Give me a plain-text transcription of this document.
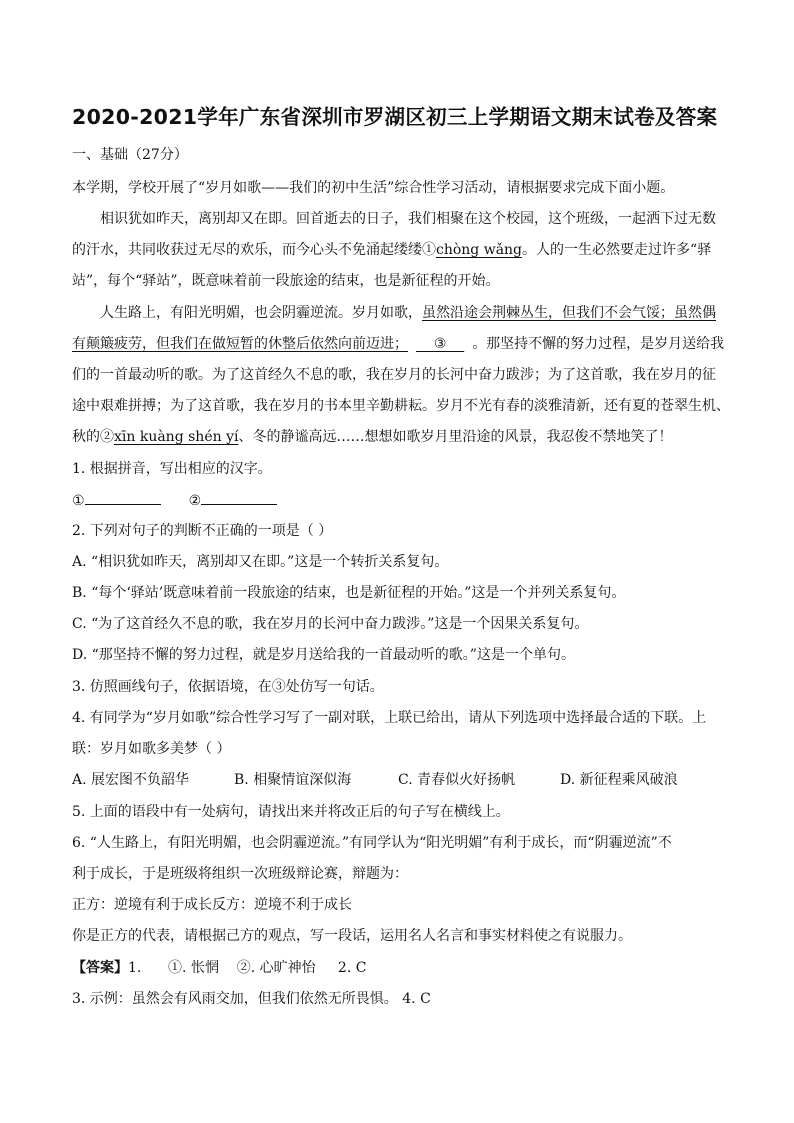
2020-2021学年广东省深圳市罗湖区初三上学期语文期末试卷及答案
一、基础（27分）
本学期，学校开展了“岁月如歌——我们的初中生活”综合性学习活动，请根据要求完成下面小题。
相识犹如昨天，离别却又在即。回首逝去的日子，我们相聚在这个校园，这个班级，一起洒下过无数
的汗水，共同收获过无尽的欢乐，而今心头不免涌起缕缕①chòng wǎng。人的一生必然要走过许多“驿
站”，每个“驿站”，既意味着前一段旅途的结束，也是新征程的开始。
人生路上，有阳光明媚，也会阴霾逆流。岁月如歌，虽然沿途会荆棘丛生，但我们不会气馁；虽然偶
有颠簸疲劳，但我们在做短暂的休整后依然向前迈进； ③ 。那坚持不懈的努力过程，是岁月送给我
们的一首最动听的歌。为了这首经久不息的歌，我在岁月的长河中奋力跋涉；为了这首歌，我在岁月的征
途中艰难拼搏；为了这首歌，我在岁月的书本里辛勤耕耘。岁月不光有春的淡雅清新，还有夏的苍翠生机、
秋的②xīn kuàng shén yí、冬的静谧高远……想想如歌岁月里沿途的风景，我忍俊不禁地笑了！
1. 根据拼音，写出相应的汉字。
①	②
2. 下列对句子的判断不正确的一项是（ ）
A. “相识犹如昨天，离别却又在即。”这是一个转折关系复句。
B. “每个‘驿站’既意味着前一段旅途的结束，也是新征程的开始。”这是一个并列关系复句。
C. “为了这首经久不息的歌，我在岁月的长河中奋力跋涉。”这是一个因果关系复句。
D. “那坚持不懈的努力过程，就是岁月送给我的一首最动听的歌。”这是一个单句。
3. 仿照画线句子，依据语境，在③处仿写一句话。
4. 有同学为“岁月如歌”综合性学习写了一副对联，上联已给出，请从下列选项中选择最合适的下联。上
联：岁月如歌多美梦（ ）
A. 展宏图不负韶华	B. 相聚情谊深似海	C. 青春似火好扬帆	D. 新征程乘风破浪
5. 上面的语段中有一处病句，请找出来并将改正后的句子写在横线上。
6. “人生路上，有阳光明媚，也会阴霾逆流。”有同学认为“阳光明媚”有利于成长，而“阴霾逆流”不
利于成长，于是班级将组织一次班级辩论赛，辩题为：
正方：逆境有利于成长反方：逆境不利于成长
你是正方的代表，请根据己方的观点，写一段话，运用名人名言和事实材料使之有说服力。
【答案】1.      ①. 怅惘    ②. 心旷神怡     2. C
3. 示例：虽然会有风雨交加，但我们依然无所畏惧。 4. C
